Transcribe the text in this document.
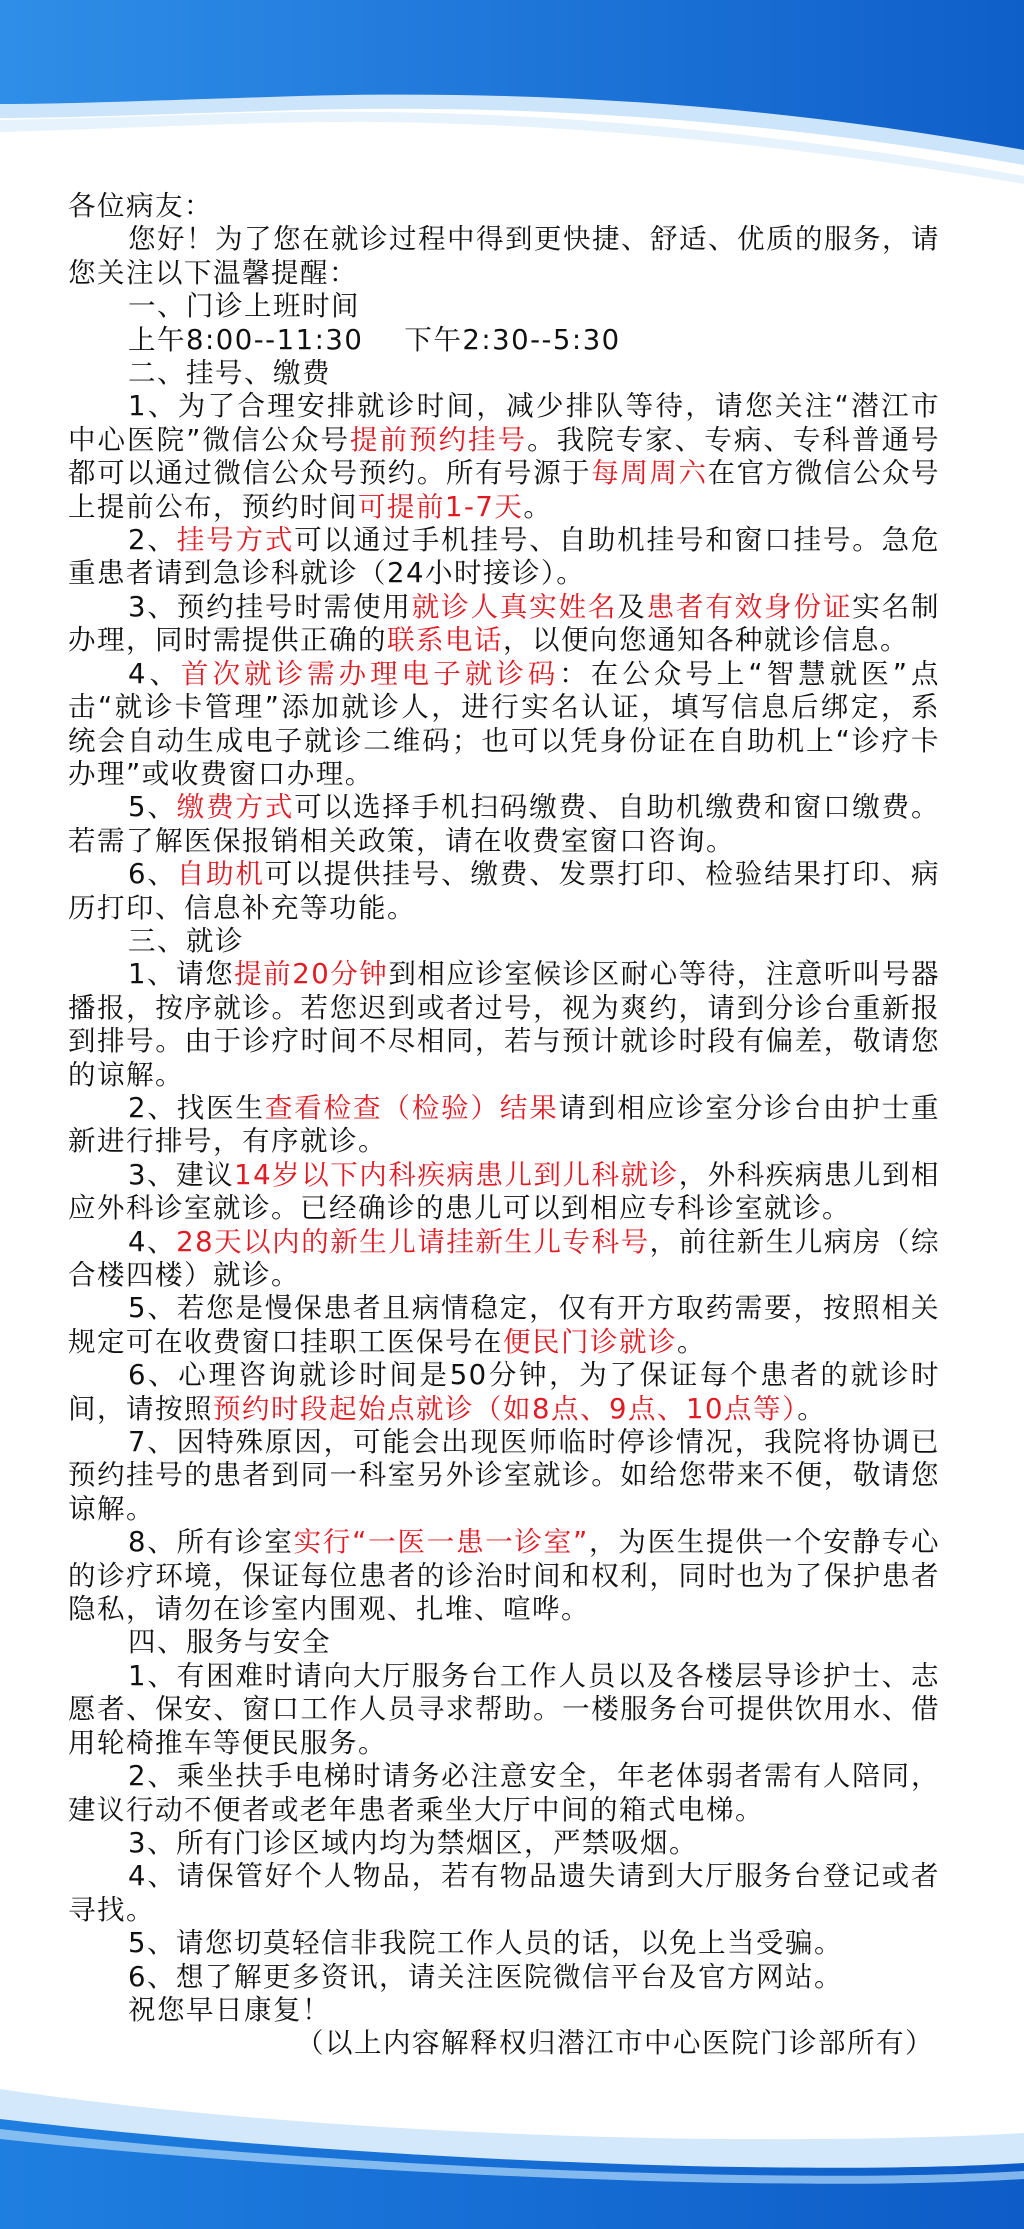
各位病友：

您好！为了您在就诊过程中得到更快捷、舒适、优质的服务，请您关注以下温馨提醒：

一、门诊上班时间

上午8:00--11:30 下午2:30--5:30

二、挂号、缴费

1、为了合理安排就诊时间，减少排队等待，请您关注“潜江市中心医院”微信公众号提前预约挂号。我院专家、专病、专科普通号都可以通过微信公众号预约。所有号源于每周周六在官方微信公众号上提前公布，预约时间可提前1-7天。

2、挂号方式可以通过手机挂号、自助机挂号和窗口挂号。急危重患者请到急诊科就诊（24小时接诊）。

3、预约挂号时需使用就诊人真实姓名及患者有效身份证实名制办理，同时需提供正确的联系电话，以便向您通知各种就诊信息。

4、首次就诊需办理电子就诊码：在公众号上“智慧就医”点击“就诊卡管理”添加就诊人，进行实名认证，填写信息后绑定，系统会自动生成电子就诊二维码；也可以凭身份证在自助机上“诊疗卡办理”或收费窗口办理。

5、缴费方式可以选择手机扫码缴费、自助机缴费和窗口缴费。若需了解医保报销相关政策，请在收费室窗口咨询。

6、自助机可以提供挂号、缴费、发票打印、检验结果打印、病历打印、信息补充等功能。

三、就诊

1、请您提前20分钟到相应诊室候诊区耐心等待，注意听叫号器播报，按序就诊。若您迟到或者过号，视为爽约，请到分诊台重新报到排号。由于诊疗时间不尽相同，若与预计就诊时段有偏差，敬请您的谅解。

2、找医生查看检查（检验）结果请到相应诊室分诊台由护士重新进行排号，有序就诊。

3、建议14岁以下内科疾病患儿到儿科就诊，外科疾病患儿到相应外科诊室就诊。已经确诊的患儿可以到相应专科诊室就诊。

4、28天以内的新生儿请挂新生儿专科号，前往新生儿病房（综合楼四楼）就诊。

5、若您是慢保患者且病情稳定，仅有开方取药需要，按照相关规定可在收费窗口挂职工医保号在便民门诊就诊。

6、心理咨询就诊时间是50分钟，为了保证每个患者的就诊时间，请按照预约时段起始点就诊（如8点、9点、10点等）。

7、因特殊原因，可能会出现医师临时停诊情况，我院将协调已预约挂号的患者到同一科室另外诊室就诊。如给您带来不便，敬请您谅解。

8、所有诊室实行“一医一患一诊室”，为医生提供一个安静专心的诊疗环境，保证每位患者的诊治时间和权利，同时也为了保护患者隐私，请勿在诊室内围观、扎堆、喧哗。

四、服务与安全

1、有困难时请向大厅服务台工作人员以及各楼层导诊护士、志愿者、保安、窗口工作人员寻求帮助。一楼服务台可提供饮用水、借用轮椅推车等便民服务。

2、乘坐扶手电梯时请务必注意安全，年老体弱者需有人陪同，建议行动不便者或老年患者乘坐大厅中间的箱式电梯。

3、所有门诊区域内均为禁烟区，严禁吸烟。

4、请保管好个人物品，若有物品遗失请到大厅服务台登记或者寻找。

5、请您切莫轻信非我院工作人员的话，以免上当受骗。

6、想了解更多资讯，请关注医院微信平台及官方网站。

祝您早日康复！

（以上内容解释权归潜江市中心医院门诊部所有）
